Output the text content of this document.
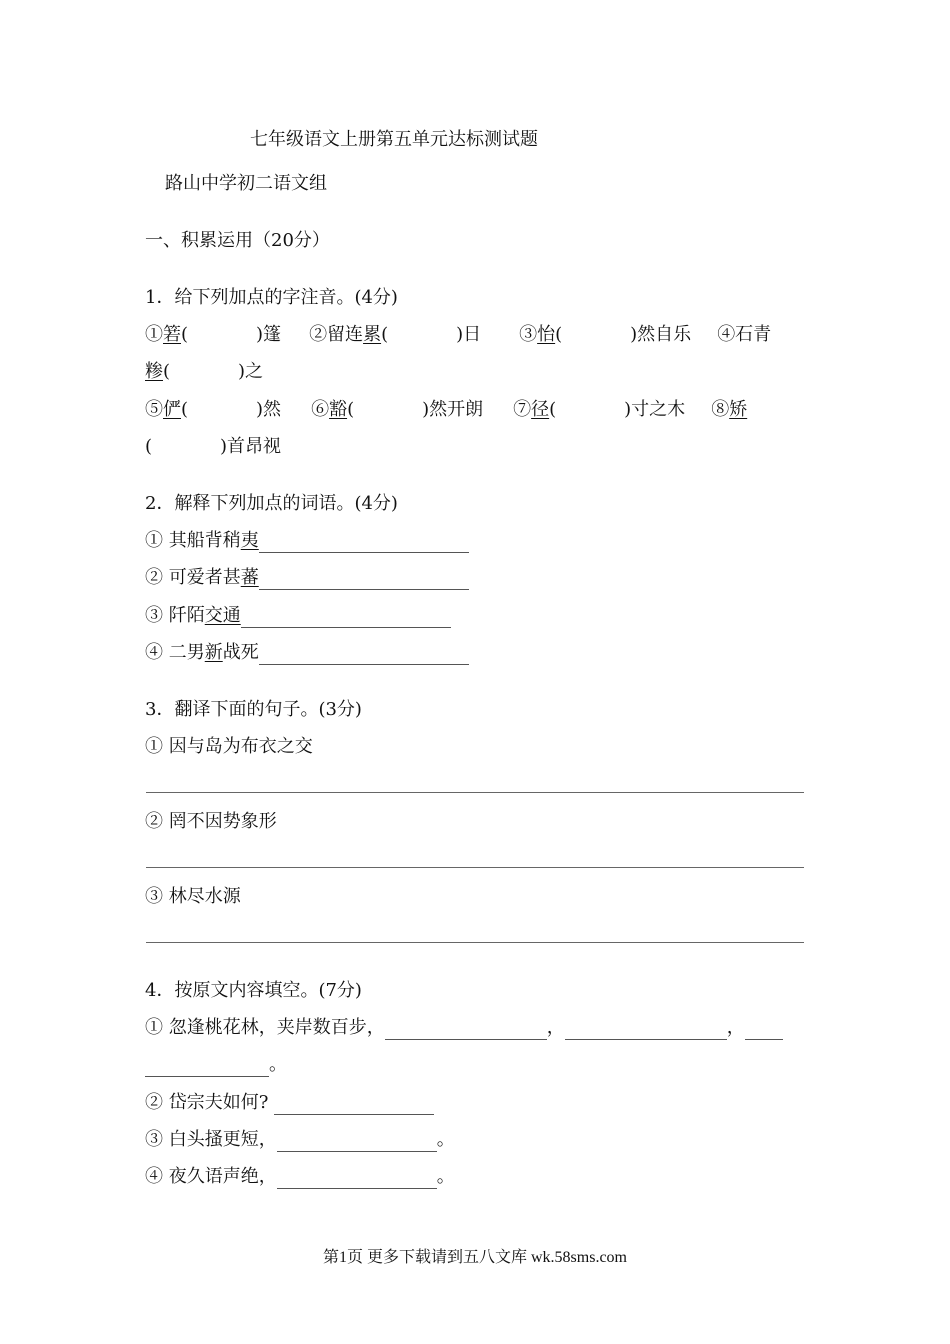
七年级语文上册第五单元达标测试题
路山中学初二语文组
一、积累运用（20分）
1．给下列加点的字注音。(4分)
①箬(	)篷 ②留连累(	)日 ③怡(	)然自乐 ④石青
糁(	)之
⑤俨(	)然 ⑥豁(	)然开朗 ⑦径(	)寸之木 ⑧矫
(	)首昂视
2．解释下列加点的词语。(4分)
① 其船背稍夷
② 可爱者甚蕃
③ 阡陌交通
④ 二男新战死
3．翻译下面的句子。(3分)
① 因与岛为布衣之交
② 罔不因势象形
③ 林尽水源
4．按原文内容填空。(7分)
① 忽逢桃花林，夹岸数百步，	，	，
。
② 岱宗夫如何?
③ 白头搔更短，	。
④ 夜久语声绝，	。
第1页 更多下载请到五八文库 wk.58sms.com
